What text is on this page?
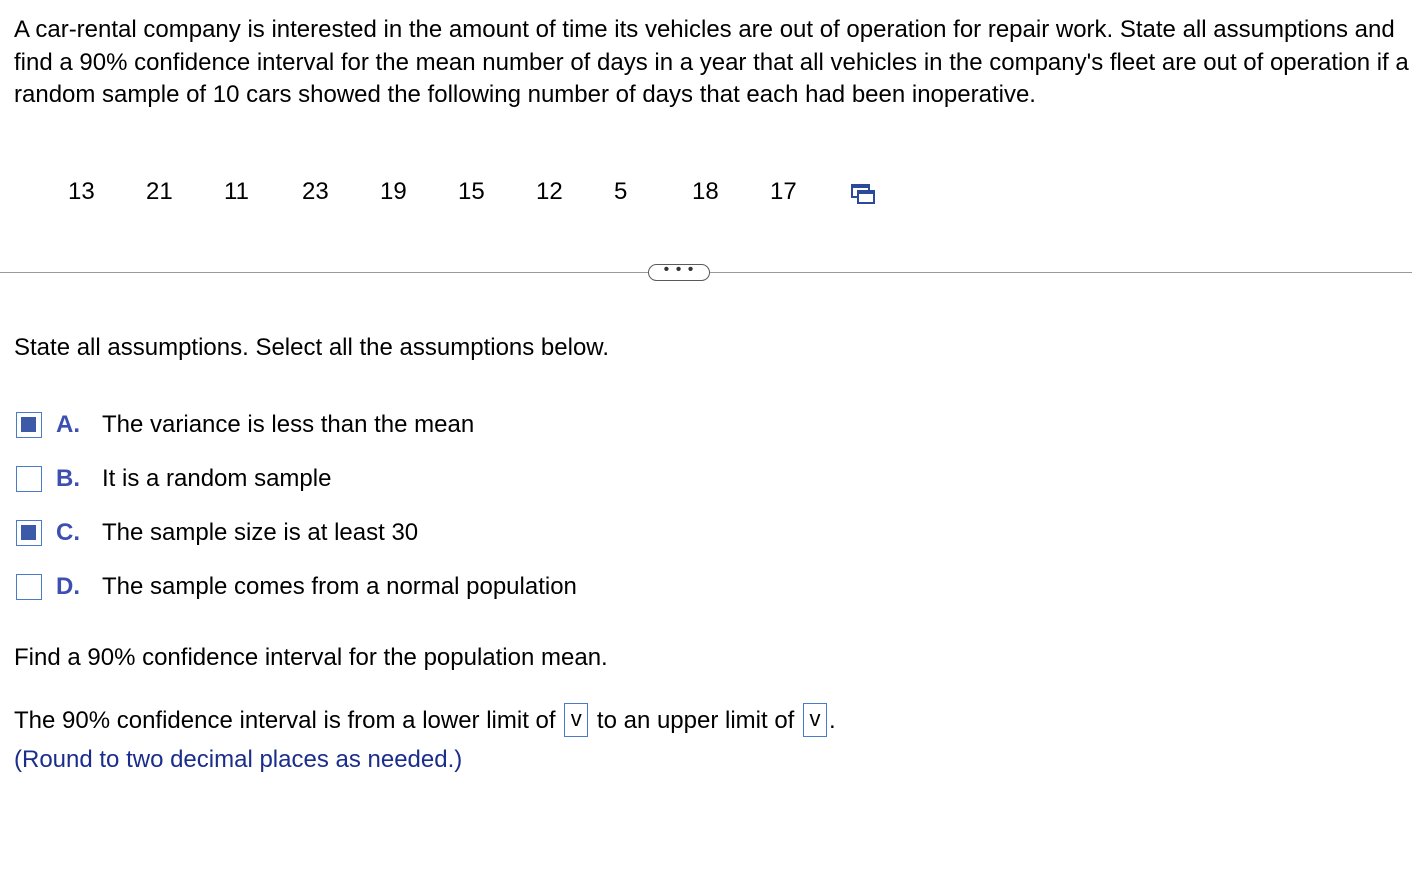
A car-rental company is interested in the amount of time its vehicles are out of operation for repair work. State all assumptions and find a 90% confidence interval for the mean number of days in a year that all vehicles in the company's fleet are out of operation if a random sample of 10 cars showed the following number of days that each had been inoperative.

13 21 11 23 19 15 12 5	18 17
• • •

State all assumptions. Select all the assumptions below.

A. The variance is less than the mean
B. It is a random sample
C. The sample size is at least 30
D. The sample comes from a normal population

Find a 90% confidence interval for the population mean.

The 90% confidence interval is from a lower limit of v to an upper limit of v .
(Round to two decimal places as needed.)
